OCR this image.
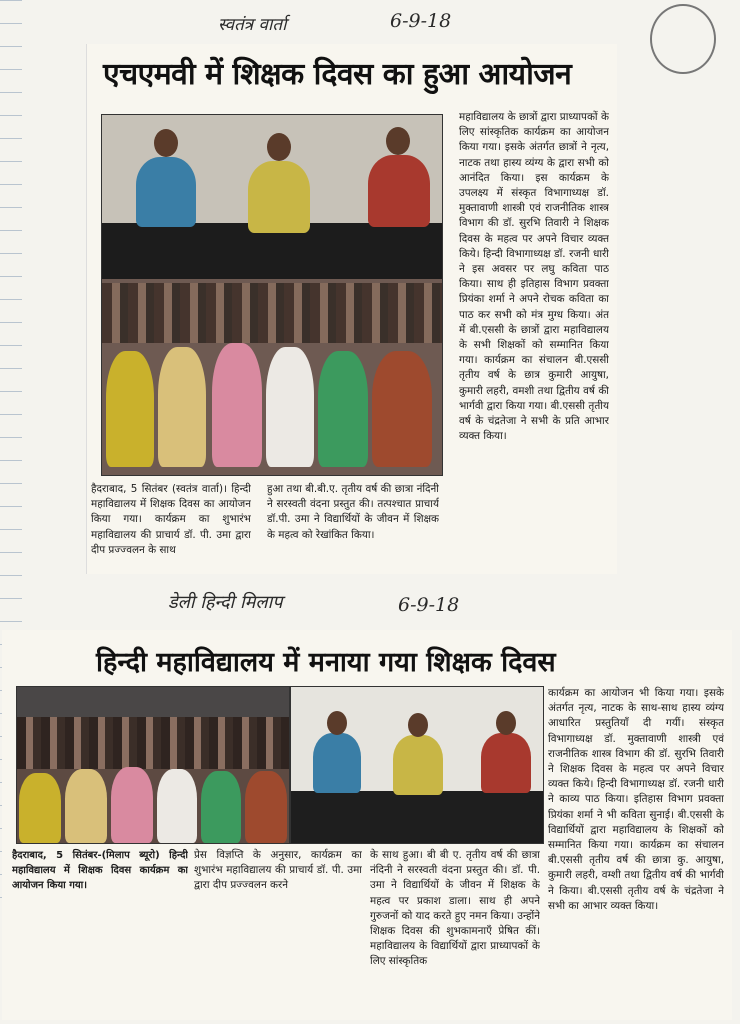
स्वतंत्र वार्ता	6-9-18
एचएमवी में शिक्षक दिवस का हुआ आयोजन
महाविद्यालय के छात्रों द्वारा प्राध्यापकों के लिए सांस्कृतिक कार्यक्रम का आयोजन किया गया। इसके अंतर्गत छात्रों ने नृत्य, नाटक तथा हास्य व्यंग्य के द्वारा सभी को आनंदित किया। इस कार्यक्रम के उपलक्ष्य में संस्कृत विभागाध्यक्ष डॉ. मुक्तावाणी शास्त्री एवं राजनीतिक शास्त्र विभाग की डॉ. सुरभि तिवारी ने शिक्षक दिवस के महत्व पर अपने विचार व्यक्त किये। हिन्दी विभागाध्यक्ष डॉ. रजनी धारी ने इस अवसर पर लघु कविता पाठ किया। साथ ही इतिहास विभाग प्रवक्ता प्रियंका शर्मा ने अपने रोचक कविता का पाठ कर सभी को मंत्र मुग्ध किया। अंत में बी.एससी के छात्रों द्वारा महाविद्यालय के सभी शिक्षकों को सम्मानित किया गया। कार्यक्रम का संचालन बी.एससी तृतीय वर्ष के छात्र कुमारी आयुषा, कुमारी लहरी, वमशी तथा द्वितीय वर्ष की भार्गवी द्वारा किया गया। बी.एससी तृतीय वर्ष के चंद्रतेजा ने सभी के प्रति आभार व्यक्त किया।
हैदराबाद, 5 सितंबर (स्वतंत्र वार्ता)। हिन्दी महाविद्यालय में शिक्षक दिवस का आयोजन किया गया। कार्यक्रम का शुभारंभ महाविद्यालय की प्राचार्य डॉ. पी. उमा द्वारा दीप प्रज्ज्वलन के साथ
हुआ तथा बी.बी.ए. तृतीय वर्ष की छात्रा नंदिनी ने सरस्वती वंदना प्रस्तुत की। तत्पश्चात प्राचार्य डॉ.पी. उमा ने विद्यार्थियों के जीवन में शिक्षक के महत्व को रेखांकित किया।
डेली हिन्दी मिलाप	6-9-18
हिन्दी महाविद्यालय में मनाया गया शिक्षक दिवस
हैदराबाद, 5 सितंबर-(मिलाप ब्यूरो) हिन्दी महाविद्यालय में शिक्षक दिवस कार्यक्रम का आयोजन किया गया।
प्रेस विज्ञप्ति के अनुसार, कार्यक्रम का शुभारंभ महाविद्यालय की प्राचार्य डॉ. पी. उमा द्वारा दीप प्रज्ज्वलन करने
के साथ हुआ। बी बी ए. तृतीय वर्ष की छात्रा नंदिनी ने सरस्वती वंदना प्रस्तुत की। डॉ. पी. उमा ने विद्यार्थियों के जीवन में शिक्षक के महत्व पर प्रकाश डाला। साथ ही अपने गुरुजनों को याद करते हुए नमन किया। उन्होंने शिक्षक दिवस की शुभकामनाएँ प्रेषित कीं। महाविद्यालय के विद्यार्थियों द्वारा प्राध्यापकों के लिए सांस्कृतिक
कार्यक्रम का आयोजन भी किया गया। इसके अंतर्गत नृत्य, नाटक के साथ-साथ हास्य व्यंग्य आधारित प्रस्तुतियाँ दी गयीं। संस्कृत विभागाध्यक्ष डॉ. मुक्तावाणी शास्त्री एवं राजनीतिक शास्त्र विभाग की डॉ. सुरभि तिवारी ने शिक्षक दिवस के महत्व पर अपने विचार व्यक्त किये। हिन्दी विभागाध्यक्ष डॉ. रजनी धारी ने काव्य पाठ किया। इतिहास विभाग प्रवक्ता प्रियंका शर्मा ने भी कविता सुनाई। बी.एससी के विद्यार्थियों द्वारा महाविद्यालय के शिक्षकों को सम्मानित किया गया। कार्यक्रम का संचालन बी.एससी तृतीय वर्ष की छात्रा कु. आयुषा, कुमारी लहरी, वम्शी तथा द्वितीय वर्ष की भार्गवी ने किया। बी.एससी तृतीय वर्ष के चंद्रतेजा ने सभी का आभार व्यक्त किया।
